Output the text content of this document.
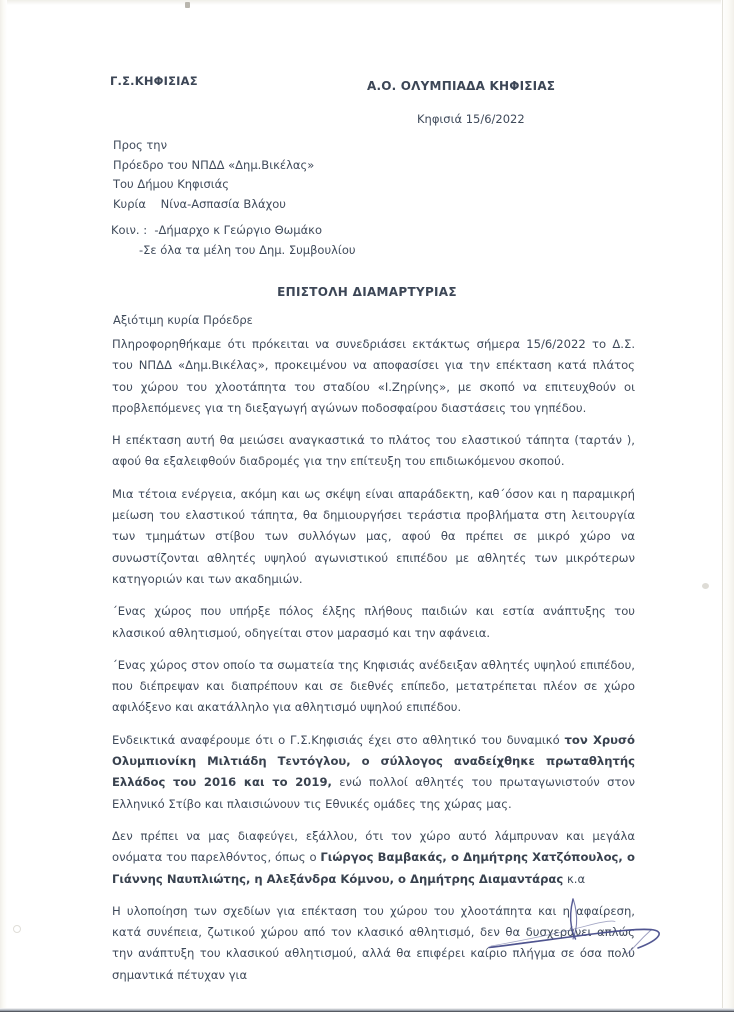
Γ.Σ.ΚΗΦΙΣΙΑΣ	Α.Ο. ΟΛΥΜΠΙΑΔΑ ΚΗΦΙΣΙΑΣ
Κηφισιά 15/6/2022
Προς την
Πρόεδρο του ΝΠΔΔ «Δημ.Βικέλας»
Του Δήμου Κηφισιάς
Κυρία    Νίνα-Ασπασία Βλάχου
Κοιν. :  -Δήμαρχο κ Γεώργιο Θωμάκο
-Σε όλα τα μέλη του Δημ. Συμβουλίου
ΕΠΙΣΤΟΛΗ ΔΙΑΜΑΡΤΥΡΙΑΣ
Αξιότιμη κυρία Πρόεδρε

Πληροφορηθήκαμε ότι πρόκειται να συνεδριάσει εκτάκτως σήμερα 15/6/2022 το Δ.Σ. του ΝΠΔΔ «Δημ.Βικέλας», προκειμένου να αποφασίσει για την επέκταση κατά πλάτος του χώρου του χλοοτάπητα του σταδίου «Ι.Ζηρίνης», με σκοπό να επιτευχθούν οι προβλεπόμενες για τη διεξαγωγή αγώνων ποδοσφαίρου διαστάσεις του γηπέδου.

Η επέκταση αυτή θα μειώσει αναγκαστικά το πλάτος του ελαστικού τάπητα (ταρτάν ), αφού θα εξαλειφθούν διαδρομές για την επίτευξη του επιδιωκόμενου σκοπού.

Μια τέτοια ενέργεια, ακόμη και ως σκέψη είναι απαράδεκτη, καθ΄όσον και η παραμικρή μείωση του ελαστικού τάπητα, θα δημιουργήσει τεράστια προβλήματα στη λειτουργία των τμημάτων στίβου των συλλόγων μας, αφού θα πρέπει σε μικρό χώρο να συνωστίζονται αθλητές υψηλού αγωνιστικού επιπέδου με αθλητές των μικρότερων κατηγοριών και των ακαδημιών.

΄Ενας χώρος που υπήρξε πόλος έλξης πλήθους παιδιών και εστία ανάπτυξης του κλασικού αθλητισμού, οδηγείται στον μαρασμό και την αφάνεια.

΄Ενας χώρος στον οποίο τα σωματεία της Κηφισιάς ανέδειξαν αθλητές υψηλού επιπέδου, που διέπρεψαν και διαπρέπουν και σε διεθνές επίπεδο, μετατρέπεται πλέον σε χώρο αφιλόξενο και ακατάλληλο για αθλητισμό υψηλού επιπέδου.

Ενδεικτικά αναφέρουμε ότι ο Γ.Σ.Κηφισιάς έχει στο αθλητικό του δυναμικό τον Χρυσό Ολυμπιονίκη Μιλτιάδη Τεντόγλου, ο σύλλογος αναδείχθηκε πρωταθλητής Ελλάδος του 2016 και το 2019, ενώ πολλοί αθλητές του πρωταγωνιστούν στον Ελληνικό Στίβο και πλαισιώνουν τις Εθνικές ομάδες της χώρας μας.

Δεν πρέπει να μας διαφεύγει, εξάλλου, ότι τον χώρο αυτό λάμπρυναν και μεγάλα ονόματα του παρελθόντος, όπως ο Γιώργος Βαμβακάς, ο Δημήτρης Χατζόπουλος, ο Γιάννης Ναυπλιώτης, η Αλεξάνδρα Κόμνου, ο Δημήτρης Διαμαντάρας κ.α

Η υλοποίηση των σχεδίων για επέκταση του χώρου του χλοοτάπητα και η αφαίρεση, κατά συνέπεια, ζωτικού χώρου από τον κλασικό αθλητισμό, δεν θα δυσχεράνει απλώς την ανάπτυξη του κλασικού αθλητισμού, αλλά θα επιφέρει καίριο πλήγμα σε όσα πολύ σημαντικά πέτυχαν για
